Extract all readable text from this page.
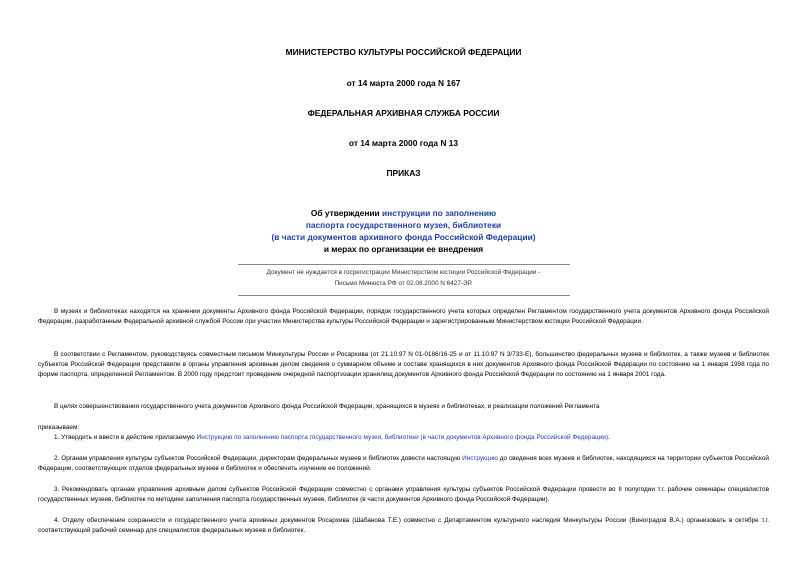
МИНИСТЕРСТВО КУЛЬТУРЫ РОССИЙСКОЙ ФЕДЕРАЦИИ
от 14 марта 2000 года N 167
ФЕДЕРАЛЬНАЯ АРХИВНАЯ СЛУЖБА РОССИИ
от 14 марта 2000 года N 13
ПРИКАЗ
Об утверждении инструкции по заполнению
паспорта государственного музея, библиотеки
(в части документов архивного фонда Российской Федерации)
и мерах по организации ее внедрения
Документ не нуждается в госрегистрации Министерством юстиции Российской Федерации -
Письмо Минюста РФ от 02.08.2000 N 6427-ЭР.

В музеях и библиотеках находятся на хранении документы Архивного фонда Российской Федерации, порядок государственного учета которых определен Регламентом государственного учета документов Архивного фонда Российской Федерации, разработанным Федеральной архивной службой России при участии Министерства культуры Российской Федерации и зарегистрированным Министерством юстиции Российской Федерации.

В соответствии с Регламентом, руководствуясь совместным письмом Минкультуры России и Росархива (от 21.10.97 N 01-0186/16-25 и от 11.10.97 N 3/733-Е), большинство федеральных музеев и библиотек, а также музеев и библиотек субъектов Российской Федерации представили в органы управления архивным делом сведения о суммарном объеме и составе хранящихся в них документов Архивного фонда Российской Федерации по состоянию на 1 января 1998 года по форме паспорта, определенной Регламентом. В 2000 году предстоит проведение очередной паспортизации хранилищ документов Архивного фонда Российской Федерации по состоянию на 1 января 2001 года.

В целях совершенствования государственного учета документов Архивного фонда Российской Федерации, хранящихся в музеях и библиотеках, и реализации положений Регламента

приказываем:

1. Утвердить и ввести в действие прилагаемую Инструкцию по заполнению паспорта государственного музея, библиотеки (в части документов Архивного фонда Российской Федерации).

2. Органам управления культуры субъектов Российской Федерации, директорам федеральных музеев и библиотек довести настоящую Инструкцию до сведения всех музеев и библиотек, находящихся на территории субъектов Российской Федерации, соответствующих отделов федеральных музеев и библиотек и обеспечить изучение ее положений.

3. Рекомендовать органам управления архивным делом субъектов Российской Федерации совместно с органами управления культуры субъектов Российской Федерации провести во II полугодии т.г. рабочие семинары специалистов государственных музеев, библиотек по методике заполнения паспорта государственных музеев, библиотек (в части документов Архивного фонда Российской Федерации).

4. Отделу обеспечения сохранности и государственного учета архивных документов Росархива (Шабанова Т.Е.) совместно с Департаментом культурного наследия Минкультуры России (Виноградов В.А.) организовать в октябре т.г. соответствующий рабочий семинар для специалистов федеральных музеев и библиотек.
